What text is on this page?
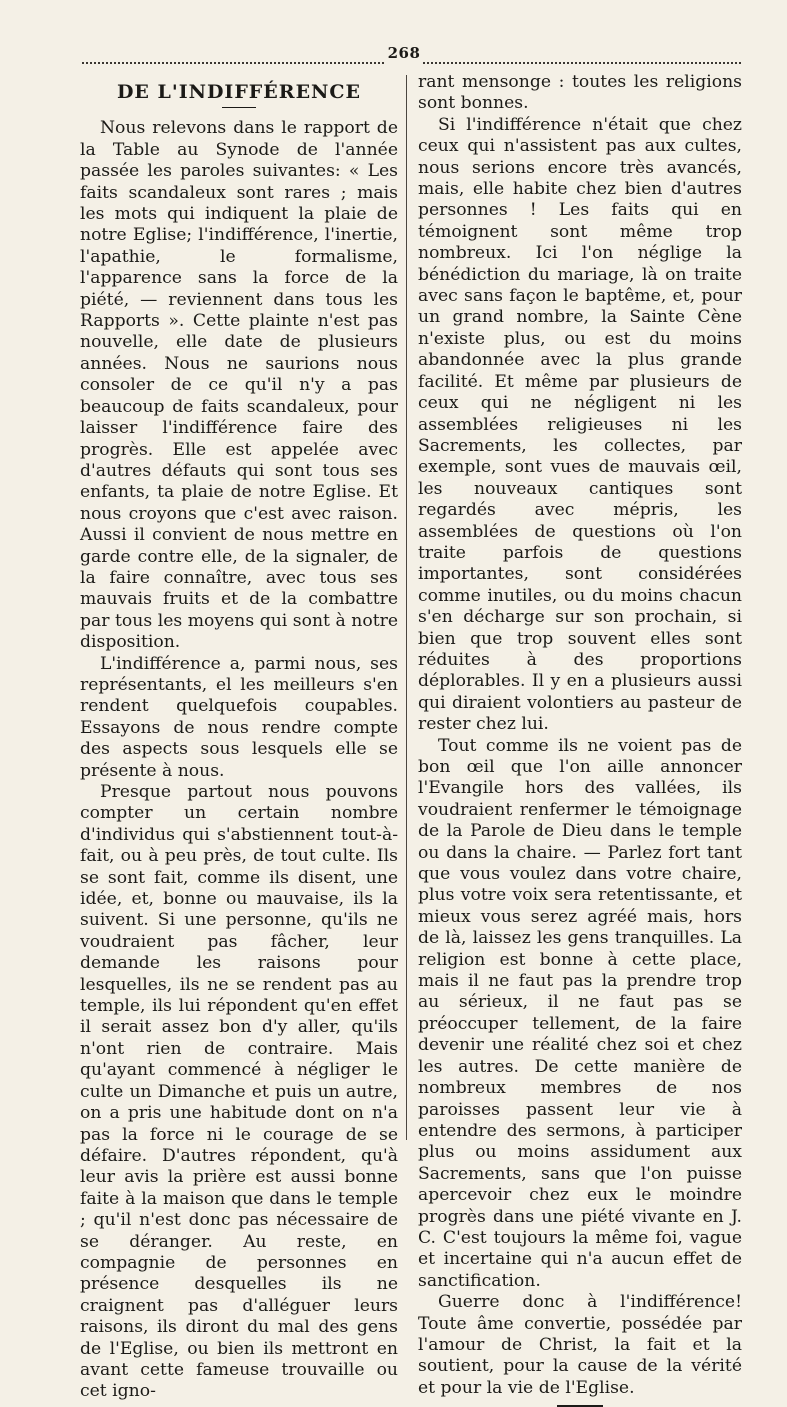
268
DE L'INDIFFÉRENCE

Nous relevons dans le rapport de la Table au Synode de l'année passée les paroles suivantes: « Les faits scandaleux sont rares ; mais les mots qui indiquent la plaie de notre Eglise; l'indifférence, l'inertie, l'apathie, le formalisme, l'apparence sans la force de la piété, — reviennent dans tous les Rapports ». Cette plainte n'est pas nouvelle, elle date de plusieurs années. Nous ne saurions nous consoler de ce qu'il n'y a pas beaucoup de faits scandaleux, pour laisser l'indifférence faire des progrès. Elle est appelée avec d'autres défauts qui sont tous ses enfants, ta plaie de notre Eglise. Et nous croyons que c'est avec raison. Aussi il convient de nous mettre en garde contre elle, de la signaler, de la faire connaître, avec tous ses mauvais fruits et de la combattre par tous les moyens qui sont à notre disposition.

L'indifférence a, parmi nous, ses représentants, el les meilleurs s'en rendent quelquefois coupables. Essayons de nous rendre compte des aspects sous lesquels elle se présente à nous.

Presque partout nous pouvons compter un certain nombre d'individus qui s'abstiennent tout-à-fait, ou à peu près, de tout culte. Ils se sont fait, comme ils disent, une idée, et, bonne ou mauvaise, ils la suivent. Si une personne, qu'ils ne voudraient pas fâcher, leur demande les raisons pour lesquelles, ils ne se rendent pas au temple, ils lui répondent qu'en effet il serait assez bon d'y aller, qu'ils n'ont rien de contraire. Mais qu'ayant commencé à négliger le culte un Dimanche et puis un autre, on a pris une habitude dont on n'a pas la force ni le courage de se défaire. D'autres répondent, qu'à leur avis la prière est aussi bonne faite à la maison que dans le temple ; qu'il n'est donc pas nécessaire de se déranger. Au reste, en compagnie de personnes en présence desquelles ils ne craignent pas d'alléguer leurs raisons, ils diront du mal des gens de l'Eglise, ou bien ils mettront en avant cette fameuse trouvaille ou cet igno-

rant mensonge : toutes les religions sont bonnes.

Si l'indifférence n'était que chez ceux qui n'assistent pas aux cultes, nous serions encore très avancés, mais, elle habite chez bien d'autres personnes ! Les faits qui en témoignent sont même trop nombreux. Ici l'on néglige la bénédiction du mariage, là on traite avec sans façon le baptême, et, pour un grand nombre, la Sainte Cène n'existe plus, ou est du moins abandonnée avec la plus grande facilité. Et même par plusieurs de ceux qui ne négligent ni les assemblées religieuses ni les Sacrements, les collectes, par exemple, sont vues de mauvais œil, les nouveaux cantiques sont regardés avec mépris, les assemblées de questions où l'on traite parfois de questions importantes, sont considérées comme inutiles, ou du moins chacun s'en décharge sur son prochain, si bien que trop souvent elles sont réduites à des proportions déplorables. Il y en a plusieurs aussi qui diraient volontiers au pasteur de rester chez lui.

Tout comme ils ne voient pas de bon œil que l'on aille annoncer l'Evangile hors des vallées, ils voudraient renfermer le témoignage de la Parole de Dieu dans le temple ou dans la chaire. — Parlez fort tant que vous voulez dans votre chaire, plus votre voix sera retentissante, et mieux vous serez agréé mais, hors de là, laissez les gens tranquilles. La religion est bonne à cette place, mais il ne faut pas la prendre trop au sérieux, il ne faut pas se préoccuper tellement, de la faire devenir une réalité chez soi et chez les autres. De cette manière de nombreux membres de nos paroisses passent leur vie à entendre des sermons, à participer plus ou moins assidument aux Sacrements, sans que l'on puisse apercevoir chez eux le moindre progrès dans une piété vivante en J. C. C'est toujours la même foi, vague et incertaine qui n'a aucun effet de sanctification.

Guerre donc à l'indifférence! Toute âme convertie, possédée par l'amour de Christ, la fait et la soutient, pour la cause de la vérité et pour la vie de l'Eglise.
